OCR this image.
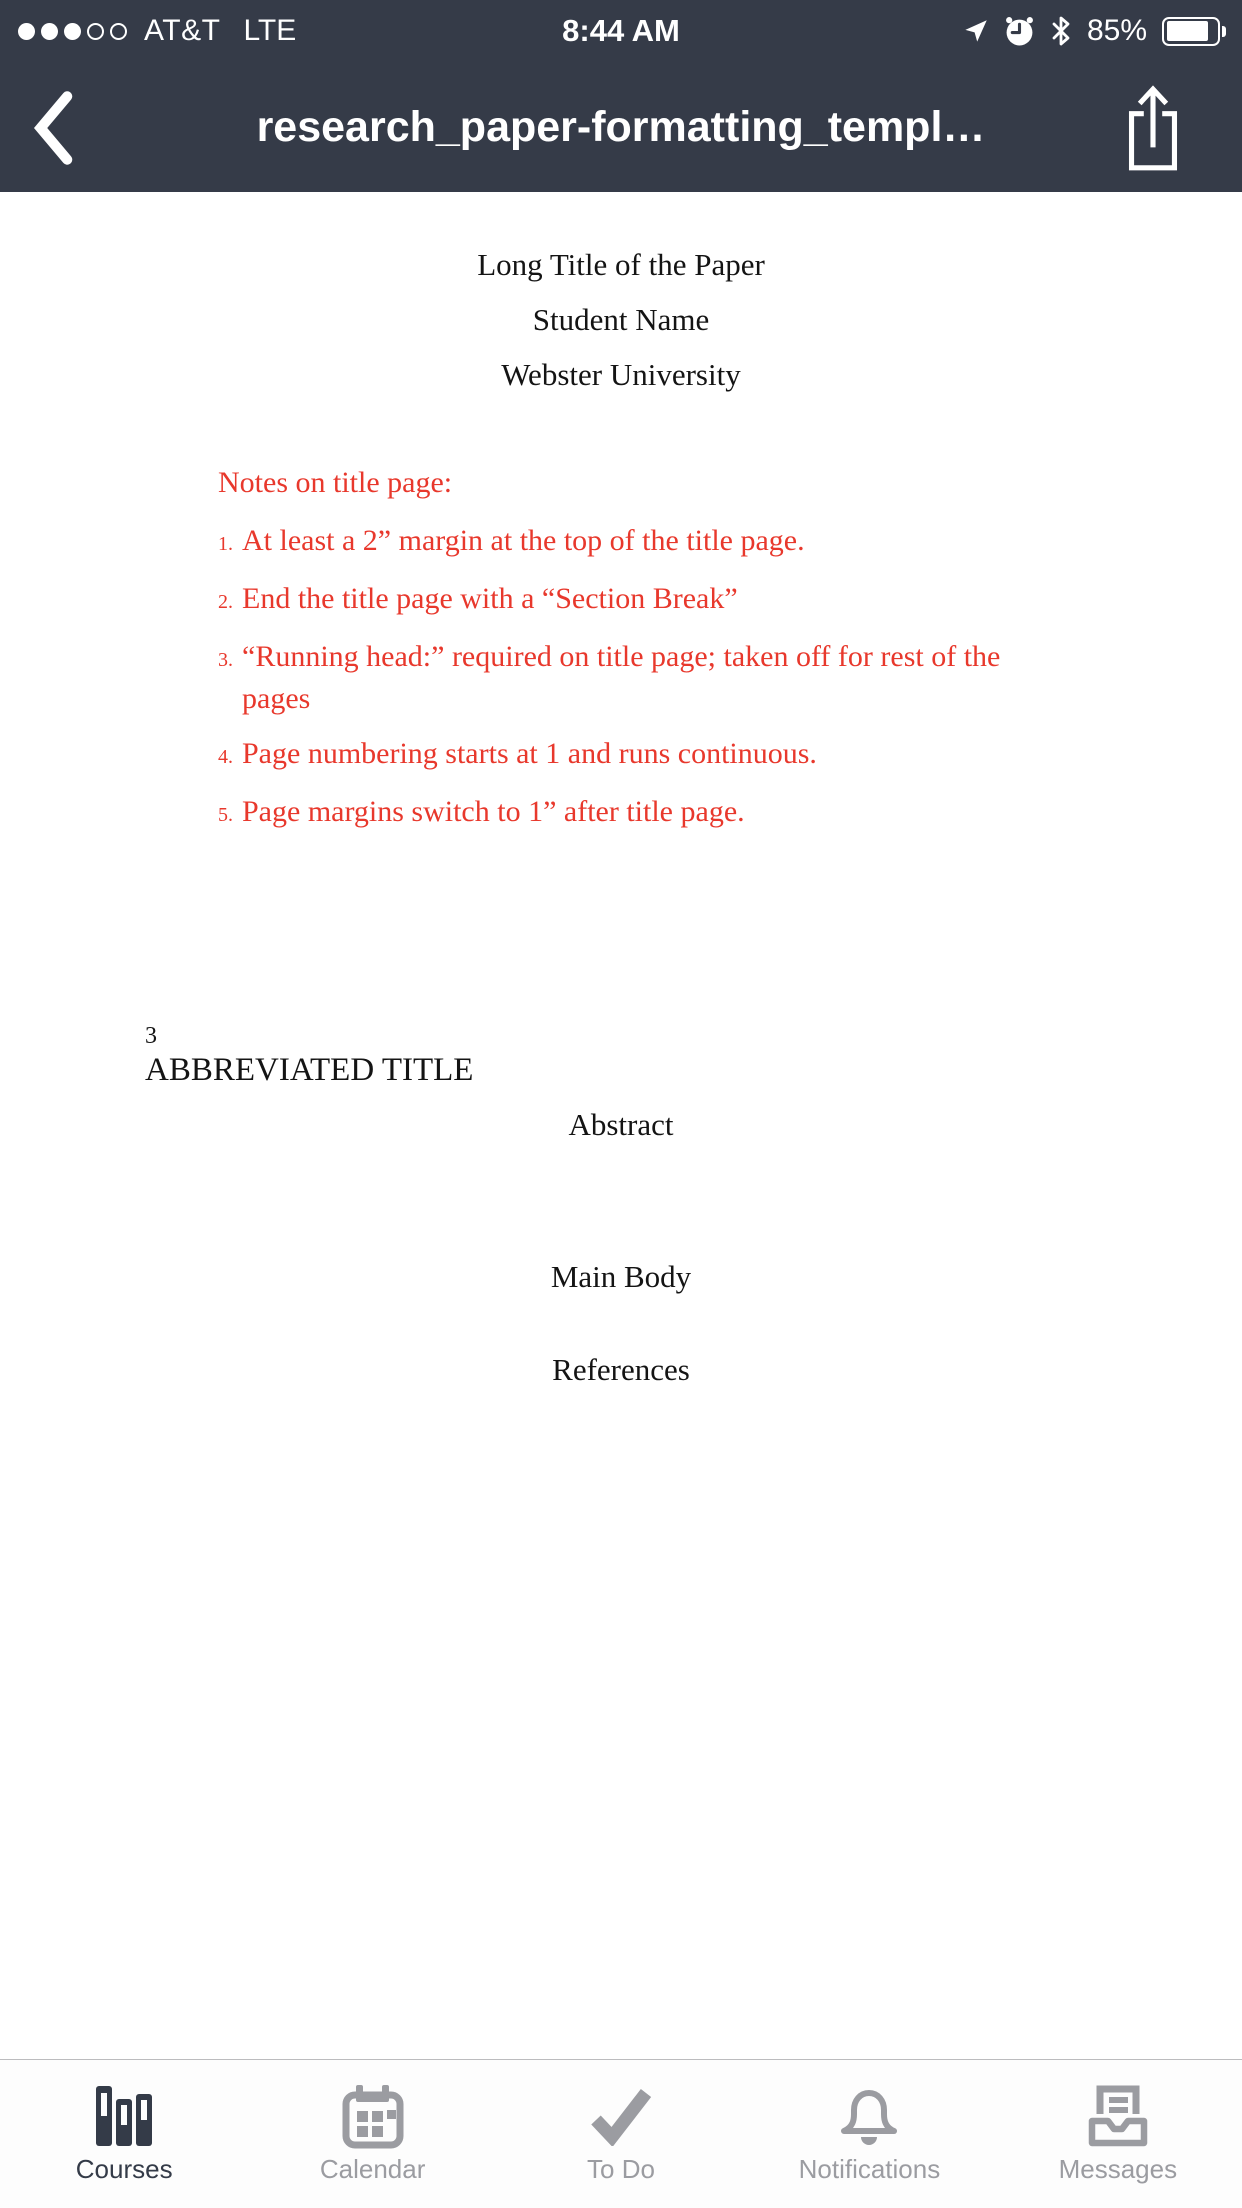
AT&T LTE	8:44 AM	85%
research_paper-formatting_templ…
Long Title of the Paper
Student Name
Webster University
Notes on title page:
1. At least a 2” margin at the top of the title page.
2. End the title page with a “Section Break”
3. “Running head:” required on title page; taken off for rest of the pages
4. Page numbering starts at 1 and runs continuous.
5. Page margins switch to 1” after title page.
3
ABBREVIATED TITLE
Abstract
Main Body
References
Courses	Calendar	To Do	Notifications	Messages
